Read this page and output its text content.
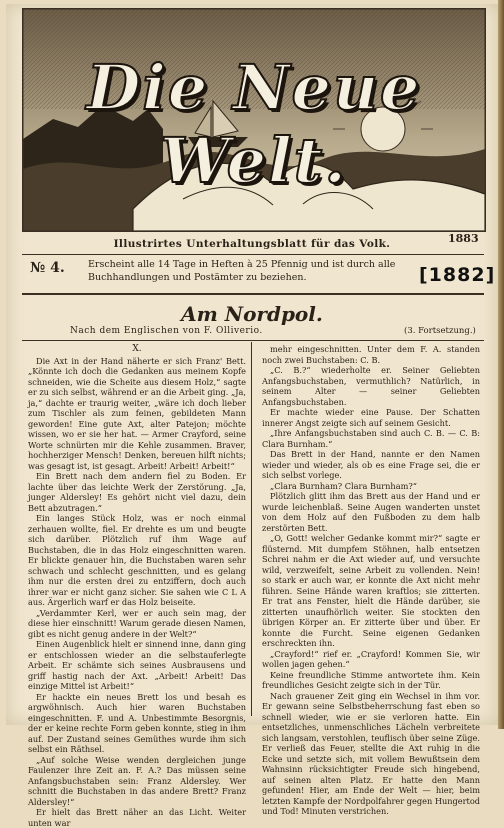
Die Neue Welt.
1883
Illustrirtes Unterhaltungsblatt für das Volk.
№ 4. Erscheint alle 14 Tage in Heften à 25 Pfennig und ist durch alle Buchhandlungen und Postämter zu beziehen.	[1882]
Am Nordpol.
Nach dem Englischen von F. Olliverio.	(3. Fortsetzung.)
X.

Die Axt in der Hand näherte er sich Franz' Bett. „Könnte ich doch die Gedanken aus meinem Kopfe schneiden, wie die Scheite aus diesem Holz,“ sagte er zu sich selbst, während er an die Arbeit ging. „Ja, ja,“ dachte er traurig weiter, „wäre ich doch lieber zum Tischler als zum feinen, gebildeten Mann geworden! Eine gute Axt, alter Patejon; möchte wissen, wo er sie her hat. — Armer Crayford, seine Worte schnürten mir die Kehle zusammen. Braver, hochherziger Mensch! Denken, bereuen hilft nichts; was gesagt ist, ist gesagt. Arbeit! Arbeit! Arbeit!“

Ein Brett nach dem andern fiel zu Boden. Er lachte über das leichte Werk der Zerstörung. „Ja, junger Aldersley! Es gehört nicht viel dazu, dein Bett abzutragen.“

Ein langes Stück Holz, was er noch einmal zerhauen wollte, fiel. Er drehte es um und beugte sich darüber. Plötzlich ruf ihm Wage auf Buchstaben, die in das Holz eingeschnitten waren. Er blickte genauer hin, die Buchstaben waren sehr schwach und schlecht geschnitten, und es gelang ihm nur die ersten drei zu entziffern, doch auch ihrer war er nicht ganz sicher. Sie sahen wie C L A aus. Ärgerlich warf er das Holz beiseite.

„Verdammter Kerl, wer er auch sein mag, der diese hier einschnitt! Warum gerade diesen Namen, gibt es nicht genug andere in der Welt?“

Einen Augenblick hielt er sinnend inne, dann ging er entschlossen wieder an die selbstauferlegte Arbeit. Er schämte sich seines Ausbrausens und griff hastig nach der Axt. „Arbeit! Arbeit! Das einzige Mittel ist Arbeit!“

Er hackte ein neues Brett los und besah es argwöhnisch. Auch hier waren Buchstaben eingeschnitten. F. und A. Unbestimmte Besorgnis, der er keine rechte Form geben konnte, stieg in ihm auf. Der Zustand seines Gemüthes wurde ihm sich selbst ein Räthsel.

„Auf solche Weise wenden dergleichen junge Faulenzer ihre Zeit an. F. A.? Das müssen seine Anfangsbuchstaben sein: Franz Aldersley. Wer schnitt die Buchstaben in das andere Brett? Franz Aldersley!“

Er hielt das Brett näher an das Licht. Weiter unten war

mehr eingeschnitten. Unter dem F. A. standen noch zwei Buchstaben: C. B.

„C. B.?“ wiederholte er. Seiner Geliebten Anfangsbuchstaben, vermuthlich? Natürlich, in seinem Alter — seiner Geliebten Anfangsbuchstaben.

Er machte wieder eine Pause. Der Schatten innerer Angst zeigte sich auf seinem Gesicht.

„Ihre Anfangsbuchstaben sind auch C. B. — C. B: Clara Burnham.“

Das Brett in der Hand, nannte er den Namen wieder und wieder, als ob es eine Frage sei, die er sich selbst vorlege.

„Clara Burnham? Clara Burnham?“

Plötzlich glitt ihm das Brett aus der Hand und er wurde leichenblaß. Seine Augen wanderten unstet von dem Holz auf den Fußboden zu dem halb zerstörten Bett.

„O, Gott! welcher Gedanke kommt mir?“ sagte er flüsternd. Mit dumpfem Stöhnen, halb entsetzen Schrei nahm er die Axt wieder auf, und versuchte wild, verzweifelt, seine Arbeit zu vollenden. Nein! so stark er auch war, er konnte die Axt nicht mehr führen. Seine Hände waren kraftlos; sie zitterten. Er trat ans Fenster, hielt die Hände darüber, sie zitterten unaufhörlich weiter. Sie stockten den übrigen Körper an. Er zitterte über und über. Er konnte die Furcht. Seine eigenen Gedanken erschreckten ihn.

„Crayford!“ rief er. „Crayford! Kommen Sie, wir wollen jagen gehen.“

Keine freundliche Stimme antwortete ihm. Kein freundliches Gesicht zeigte sich in der Tür.

Nach grauener Zeit ging ein Wechsel in ihm vor. Er gewann seine Selbstbeherrschung fast eben so schnell wieder, wie er sie verloren hatte. Ein entsetzliches, unmenschliches Lächeln verbreitete sich langsam, verstohlen, teuflisch über seine Züge. Er verließ das Feuer, stellte die Axt ruhig in die Ecke und setzte sich, mit vollem Bewußtsein dem Wahnsinn rücksichtigter Freude sich hingebend, auf seinen alten Platz. Er hatte den Mann gefunden! Hier, am Ende der Welt — hier, beim letzten Kampfe der Nordpolfahrer gegen Hungertod und Tod! Minuten verstrichen.
